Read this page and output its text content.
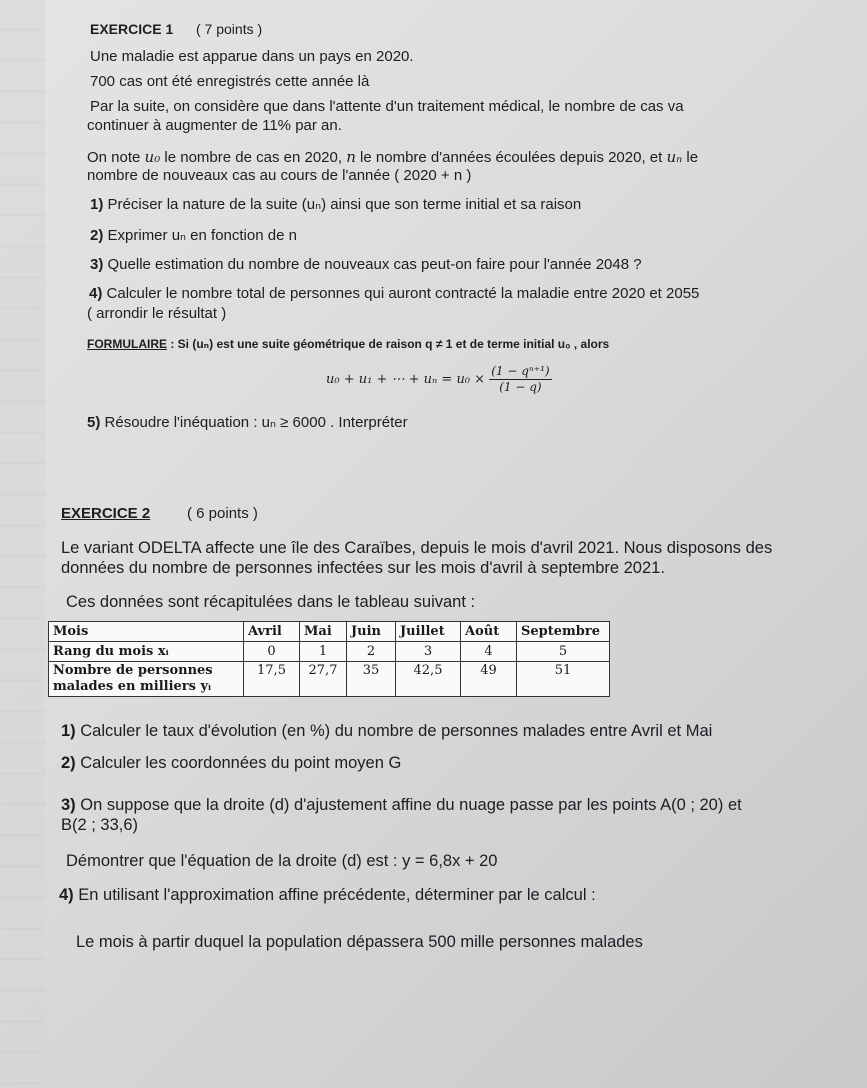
EXERCICE 1 ( 7 points )
Une maladie est apparue dans un pays en 2020.
700 cas ont été enregistrés cette année là
Par la suite, on considère que dans l'attente d'un traitement médical, le nombre de cas va
continuer à augmenter de 11% par an.
On note u₀ le nombre de cas en 2020, n le nombre d'années écoulées depuis 2020, et uₙ le
nombre de nouveaux cas au cours de l'année ( 2020 + n )
1) Préciser la nature de la suite (uₙ) ainsi que son terme initial et sa raison
2) Exprimer uₙ en fonction de n
3) Quelle estimation du nombre de nouveaux cas peut-on faire pour l'année 2048 ?
4) Calculer le nombre total de personnes qui auront contracté la maladie entre 2020 et 2055
( arrondir le résultat )
FORMULAIRE : Si (uₙ) est une suite géométrique de raison q ≠ 1 et de terme initial u₀ , alors
u₀ + u₁ + ⋯ + $u_n = u_0 \times \frac{\text{(1 − qⁿ⁺¹)}}{(1 - q)}$
5) Résoudre l'inéquation : uₙ ≥ 6000 . Interpréter
EXERCICE 2 ( 6 points )
Le variant ODELTA affecte une île des Caraïbes, depuis le mois d'avril 2021. Nous disposons des
données du nombre de personnes infectées sur les mois d'avril à septembre 2021.
Ces données sont récapitulées dans le tableau suivant :
Mois	Avril	Mai	Juin	Juillet	Août	Septembre
Rang du mois xᵢ	0	1	2	3	4	5

Nombre de personnes
malades en milliers yᵢ	17,5	27,7	35	42,5	49	51
1) Calculer le taux d'évolution (en %) du nombre de personnes malades entre Avril et Mai
2) Calculer les coordonnées du point moyen G
3) On suppose que la droite (d) d'ajustement affine du nuage passe par les points A(0 ; 20) et
B(2 ; 33,6)
Démontrer que l'équation de la droite (d) est : y = 6,8x + 20
4) En utilisant l'approximation affine précédente, déterminer par le calcul :
Le mois à partir duquel la population dépassera 500 mille personnes malades
